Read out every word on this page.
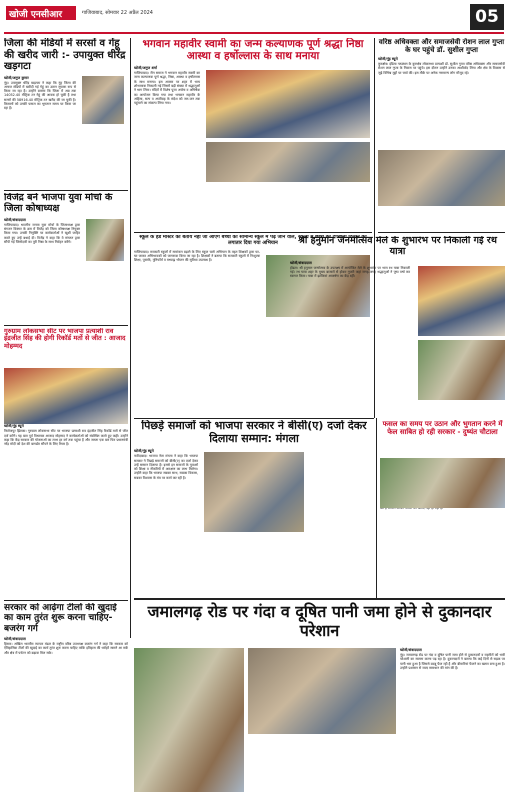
खोजी एनसीआर	गाजियाबाद, सोमवार 22 अप्रैल 2024	05
जिला की मंडियों में सरसों व गेंहू की खरीद जारी :- उपायुक्त धीरेंद्र खड़गटा
खोजी/अनुज कुमार
नूंह। उपायुक्त धीरेंद्र खड़गटा ने कहा कि नूंह जिला की अनाज मंडियों में खरीदी गई गेहूं का उठान सुचारू रूप से किया जा रहा है। उन्होंने बताया कि जिला में अब तक 14052.40 मीट्रिक टन गेहूं की आवक हो चुकी है तथा सरसों की 58916.40 मीट्रिक टन खरीद की जा चुकी है। किसानों को उनकी फसल का भुगतान समय पर किया जा रहा है।
विजेंद्र बने भाजपा युवा मोर्चा के जिला कोषाध्यक्ष
खोजी/संवाददाता
गाजियाबाद। भारतीय जनता युवा मोर्चा के जिलाध्यक्ष द्वारा संगठन विस्तार के क्रम में विजेंद्र को जिला कोषाध्यक्ष नियुक्त किया गया। उनकी नियुक्ति पर कार्यकर्ताओं ने खुशी जाहिर करते हुए उन्हें बधाई दी। विजेंद्र ने कहा कि वे संगठन द्वारा सौंपी गई जिम्मेदारी का पूरी निष्ठा के साथ निर्वहन करेंगे।
गुरुग्राम लोकसभा सीट पर भाजपा प्रत्याशी राव इंद्रजीत सिंह की होगी रिकॉर्ड मतों से जीत : आजाद मोहम्मद
खोजी/नूंह ब्यूरो
फिरोजपुर झिरका। गुरुग्राम लोकसभा सीट पर भाजपा प्रत्याशी राव इंद्रजीत सिंह रिकॉर्ड मतों से जीत दर्ज करेंगे। यह बात पूर्व विधायक आजाद मोहम्मद ने कार्यकर्ताओं को संबोधित करते हुए कही। उन्होंने कहा कि केंद्र सरकार की योजनाओं का लाभ हर वर्ग तक पहुंचा है और जनता एक बार फिर प्रधानमंत्री नरेंद्र मोदी को देश की बागडोर सौंपने के लिए तैयार है।
सरकार को आढ़ेगा टीलों की खुदाई का काम तुरंत शुरू करना चाहिए- बजरंग गर्ग
खोजी/संवाददाता
हिसार। अखिल भारतीय व्यापार मंडल के राष्ट्रीय वरिष्ठ उपाध्यक्ष बजरंग गर्ग ने कहा कि सरकार को ऐतिहासिक टीलों की खुदाई का कार्य तुरंत शुरू करना चाहिए ताकि इतिहास की धरोहरें सामने आ सकें और क्षेत्र में पर्यटन को बढ़ावा मिल सके।
भगवान महावीर स्वामी का जन्म कल्याणक पूर्ण श्रद्धा निष्ठा आस्था व हर्षोल्लास के साथ मनाया
खोजी/अनुज शर्मा
गाजियाबाद। जैन समाज ने भगवान महावीर स्वामी का जन्म कल्याणक पूर्ण श्रद्धा, निष्ठा, आस्था व हर्षोल्लास के साथ मनाया। इस अवसर पर शहर में भव्य शोभायात्रा निकाली गई जिसमें बड़ी संख्या में श्रद्धालुओं ने भाग लिया। मंदिरों में विशेष पूजा अर्चना व अभिषेक का आयोजन किया गया तथा भगवान महावीर के अहिंसा, सत्य व अपरिग्रह के संदेश को जन-जन तक पहुंचाने का संकल्प लिया गया।
स्कूल के हेड मास्टर को बताये नहीं जा आएंगे बच्चों को सामान्य स्कूल में पढ़े जाने वाले, स्कूलों में छात्रों को दाखिला दिलाने का लगातार दिया गया अभियान
गाजियाबाद। सरकारी स्कूलों में नामांकन बढ़ाने के लिए स्कूल चलो अभियान के तहत शिक्षकों द्वारा घर-घर जाकर अभिभावकों को जागरूक किया जा रहा है। शिक्षकों ने बताया कि सरकारी स्कूलों में निःशुल्क शिक्षा, पुस्तकें, यूनिफॉर्म व मध्याह्न भोजन की सुविधा उपलब्ध है।
वरिष्ठ अधिवक्ता और समाजसेवी रोशन लाल गुप्ता के घर पहुंचे डॉ. सुशील गुप्ता
खोजी/नूंह ब्यूरो
कुरुक्षेत्र। इंडिया गठबंधन के कुरुक्षेत्र लोकसभा प्रत्याशी डॉ. सुशील गुप्ता वरिष्ठ अधिवक्ता और समाजसेवी रोशन लाल गुप्ता के निवास पर पहुंचे। इस दौरान उन्होंने उनका आशीर्वाद लिया और क्षेत्र के विकास से जुड़े विभिन्न मुद्दों पर चर्चा की। इस मौके पर अनेक गणमान्य लोग मौजूद रहे।
श्री हनुमान जनमोत्सव मेले के शुभारंभ पर निकाली गई रथ यात्रा
खोजी/संवाददाता
होडल। श्री हनुमान जन्मोत्सव के उपलक्ष्य में आयोजित मेले के शुभारंभ पर भव्य रथ यात्रा निकाली गई। रथ यात्रा शहर के मुख्य बाजारों से होकर गुजरी जहां जगह-जगह श्रद्धालुओं ने पुष्प वर्षा कर स्वागत किया। यात्रा में झांकियां आकर्षण का केंद्र रहीं।
पिछड़े समाजों को भाजपा सरकार ने बीसी(ए) दर्जा देकर दिलाया सम्मान: मंगला
खोजी/नूंह ब्यूरो
फरीदाबाद। भाजपा नेता मंगला ने कहा कि भाजपा सरकार ने पिछड़े समाजों को बीसी(ए) का दर्जा देकर उन्हें सम्मान दिलाया है। इससे इन समाजों के युवाओं को शिक्षा व नौकरियों में आरक्षण का लाभ मिलेगा। उन्होंने कहा कि भाजपा सबका साथ, सबका विकास, सबका विश्वास के मंत्र पर कार्य कर रही है।
फसल का समय पर उठान और भुगतान करने में फेल साबित हो रही सरकार - दुष्यंत चौटाला
जमालगढ़ रोड पर गंदा व दूषित पानी जमा होने से दुकानदार परेशान
खोजी/संवाददाता
नूंह। जमालगढ़ रोड पर गंदा व दूषित पानी जमा होने से दुकानदारों व राहगीरों को भारी परेशानी का सामना करना पड़ रहा है। दुकानदारों ने बताया कि कई दिनों से सड़क पर पानी भरा हुआ है जिससे बदबू फैल रही है और बीमारियां फैलने का खतरा बना हुआ है। उन्होंने प्रशासन से जल्द समाधान की मांग की है।
